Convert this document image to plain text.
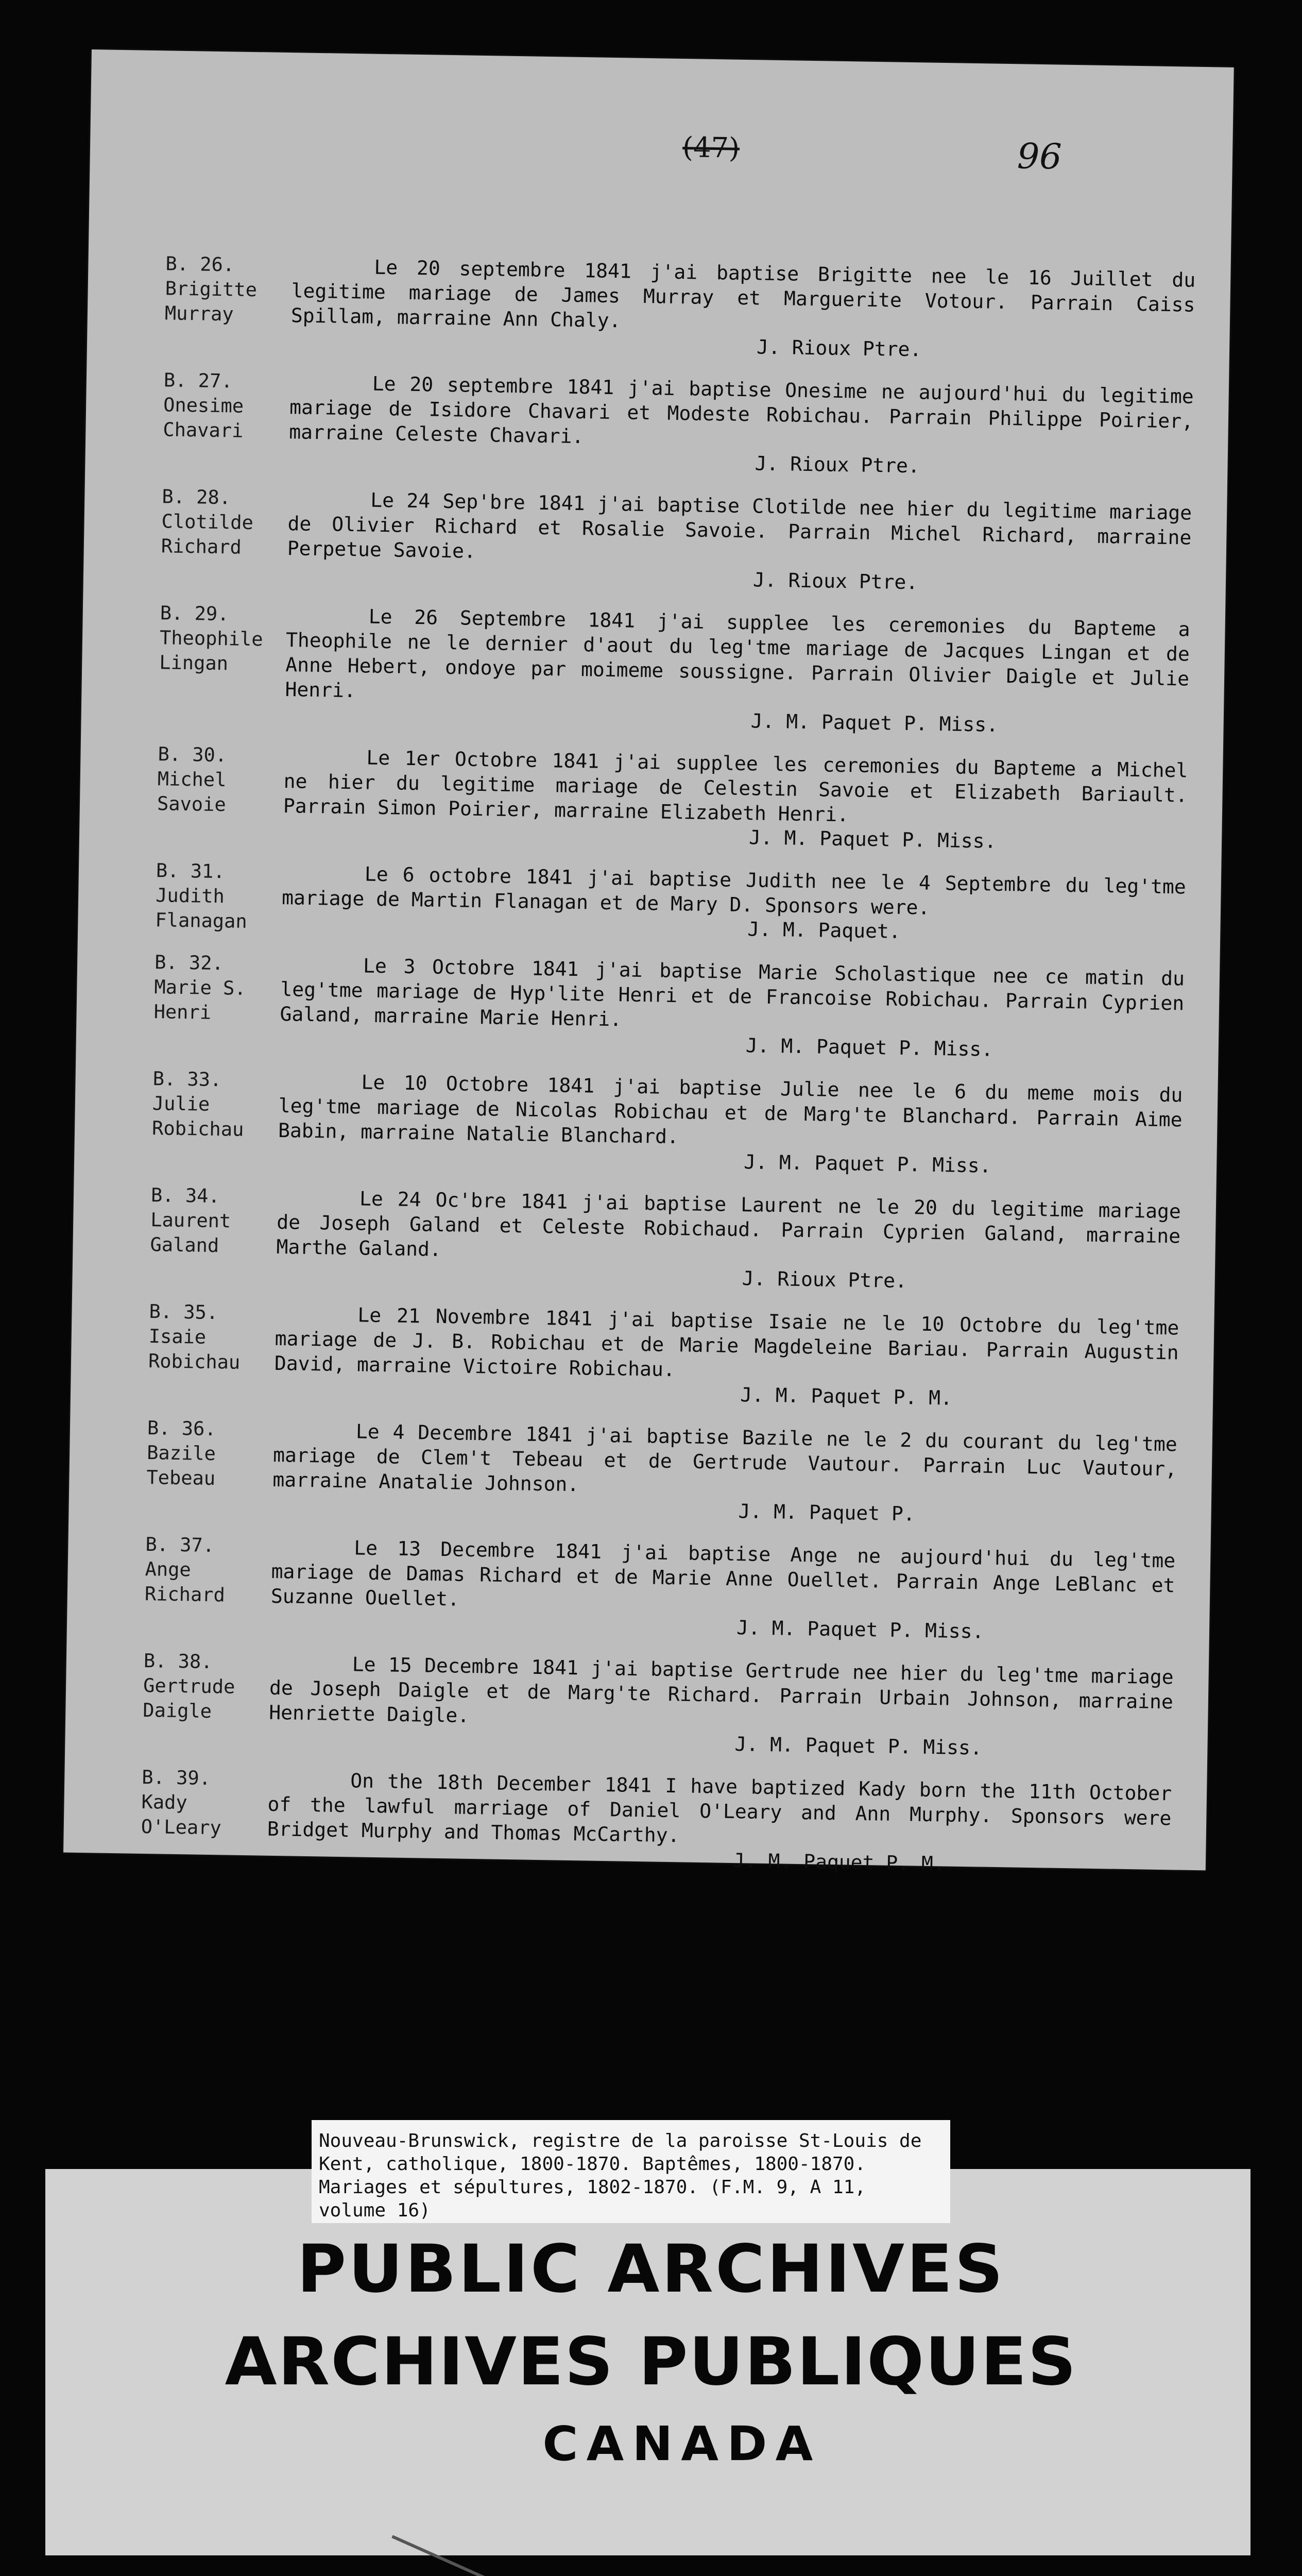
(47)	96
B. 26.
Brigitte
Murray
Le 20 septembre 1841 j'ai baptise Brigitte nee le 16 Juillet du legitime mariage de James Murray et Marguerite Votour. Parrain Caiss Spillam, marraine Ann Chaly.
J. Rioux Ptre.
B. 27.
Onesime
Chavari
Le 20 septembre 1841 j'ai baptise Onesime ne aujourd'hui du legitime mariage de Isidore Chavari et Modeste Robichau. Parrain Philippe Poirier, marraine Celeste Chavari.
J. Rioux Ptre.
B. 28.
Clotilde
Richard
Le 24 Sep'bre 1841 j'ai baptise Clotilde nee hier du legitime mariage de Olivier Richard et Rosalie Savoie. Parrain Michel Richard, marraine Perpetue Savoie.
J. Rioux Ptre.
B. 29.
Theophile
Lingan
Le 26 Septembre 1841 j'ai supplee les ceremonies du Bapteme a Theophile ne le dernier d'aout du leg'tme mariage de Jacques Lingan et de Anne Hebert, ondoye par moimeme soussigne. Parrain Olivier Daigle et Julie Henri.
J. M. Paquet P. Miss.
B. 30.
Michel
Savoie
Le 1er Octobre 1841 j'ai supplee les ceremonies du Bapteme a Michel ne hier du legitime mariage de Celestin Savoie et Elizabeth Bariault. Parrain Simon Poirier, marraine Elizabeth Henri.
J. M. Paquet P. Miss.
B. 31.
Judith
Flanagan
Le 6 octobre 1841 j'ai baptise Judith nee le 4 Septembre du leg'tme mariage de Martin Flanagan et de Mary D. Sponsors were.
J. M. Paquet.
B. 32.
Marie S.
Henri
Le 3 Octobre 1841 j'ai baptise Marie Scholastique nee ce matin du leg'tme mariage de Hyp'lite Henri et de Francoise Robichau. Parrain Cyprien Galand, marraine Marie Henri.
J. M. Paquet P. Miss.
B. 33.
Julie
Robichau
Le 10 Octobre 1841 j'ai baptise Julie nee le 6 du meme mois du leg'tme mariage de Nicolas Robichau et de Marg'te Blanchard. Parrain Aime Babin, marraine Natalie Blanchard.
J. M. Paquet P. Miss.
B. 34.
Laurent
Galand
Le 24 Oc'bre 1841 j'ai baptise Laurent ne le 20 du legitime mariage de Joseph Galand et Celeste Robichaud. Parrain Cyprien Galand, marraine Marthe Galand.
J. Rioux Ptre.
B. 35.
Isaie
Robichau
Le 21 Novembre 1841 j'ai baptise Isaie ne le 10 Octobre du leg'tme mariage de J. B. Robichau et de Marie Magdeleine Bariau. Parrain Augustin David, marraine Victoire Robichau.
J. M. Paquet P. M.
B. 36.
Bazile
Tebeau
Le 4 Decembre 1841 j'ai baptise Bazile ne le 2 du courant du leg'tme mariage de Clem't Tebeau et de Gertrude Vautour. Parrain Luc Vautour, marraine Anatalie Johnson.
J. M. Paquet P.
B. 37.
Ange
Richard
Le 13 Decembre 1841 j'ai baptise Ange ne aujourd'hui du leg'tme mariage de Damas Richard et de Marie Anne Ouellet. Parrain Ange LeBlanc et Suzanne Ouellet.
J. M. Paquet P. Miss.
B. 38.
Gertrude
Daigle
Le 15 Decembre 1841 j'ai baptise Gertrude nee hier du leg'tme mariage de Joseph Daigle et de Marg'te Richard. Parrain Urbain Johnson, marraine Henriette Daigle.
J. M. Paquet P. Miss.
B. 39.
Kady
O'Leary
On the 18th December 1841 I have baptized Kady born the 11th October of the lawful marriage of Daniel O'Leary and Ann Murphy. Sponsors were Bridget Murphy and Thomas McCarthy.
J. M. Paquet P. M.
Nouveau-Brunswick, registre de la paroisse St-Louis de Kent, catholique, 1800-1870. Baptêmes, 1800-1870. Mariages et sépultures, 1802-1870. (F.M. 9, A 11, volume 16)
PUBLIC ARCHIVES
ARCHIVES PUBLIQUES
CANADA
